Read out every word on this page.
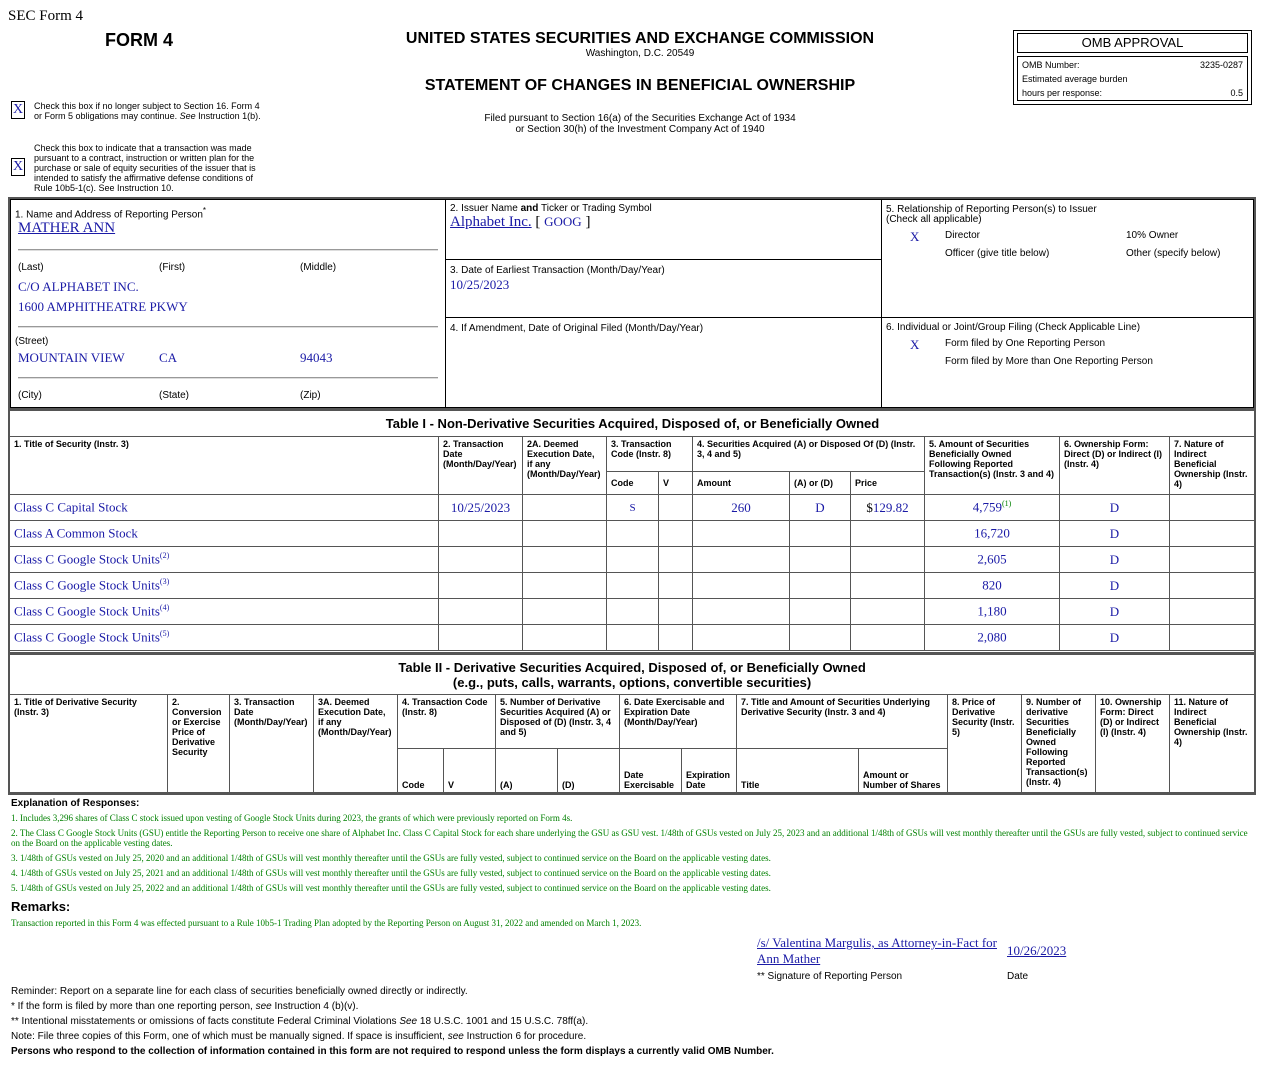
SEC Form 4
FORM 4	UNITED STATES SECURITIES AND EXCHANGE COMMISSION
Washington, D.C. 20549
STATEMENT OF CHANGES IN BENEFICIAL OWNERSHIP
Filed pursuant to Section 16(a) of the Securities Exchange Act of 1934
or Section 30(h) of the Investment Company Act of 1940
X Check this box if no longer subject to Section 16. Form 4 or Form 5 obligations may continue. See Instruction 1(b).
X
Check this box to indicate that a transaction was made pursuant to a contract, instruction or written plan for the purchase or sale of equity securities of the issuer that is intended to satisfy the affirmative defense conditions of Rule 10b5-1(c). See Instruction 10.
OMB APPROVAL
OMB Number:	3235-0287
Estimated average burden
hours per response:	0.5
1. Name and Address of Reporting Person*
MATHER ANN
(Last)	(First)	(Middle)
C/O ALPHABET INC.
1600 AMPHITHEATRE PKWY
(Street)
MOUNTAIN VIEW	CA	94043
(City)	(State)	(Zip)
2. Issuer Name and Ticker or Trading Symbol
Alphabet Inc. [ GOOG ]
3. Date of Earliest Transaction (Month/Day/Year)
10/25/2023
4. If Amendment, Date of Original Filed (Month/Day/Year)
5. Relationship of Reporting Person(s) to Issuer
(Check all applicable)
X	Director	10% Owner
Officer (give title below)	Other (specify below)
6. Individual or Joint/Group Filing (Check Applicable Line)
X	Form filed by One Reporting Person
Form filed by More than One Reporting Person
Table I - Non-Derivative Securities Acquired, Disposed of, or Beneficially Owned										
1. Title of Security (Instr. 3)	2. Transaction Date (Month/Day/Year)	2A. Deemed Execution Date, if any (Month/Day/Year)	3. Transaction Code (Instr. 8)		4. Securities Acquired (A) or Disposed Of (D) (Instr. 3, 4 and 5)			5. Amount of Securities Beneficially Owned Following Reported Transaction(s) (Instr. 3 and 4)	6. Ownership Form: Direct (D) or Indirect (I) (Instr. 4)	7. Nature of Indirect Beneficial Ownership (Instr. 4)
			Code	V	Amount	(A) or (D)	Price			
Class C Capital Stock	10/25/2023		S		260	D	$129.82	4,759$^{(1)}$	D	
Class A Common Stock								16,720	D	
Class C Google Stock Units$^{(2)}$								2,605	D	
Class C Google Stock Units$^{(3)}$								820	D	
Class C Google Stock Units$^{(4)}$								1,180	D	
Class C Google Stock Units$^{(5)}$								2,080	D	
Table II - Derivative Securities Acquired, Disposed of, or Beneficially Owned
(e.g., puts, calls, warrants, options, convertible securities)															

1. Title of Derivative Security (Instr. 3)	2. Conversion or Exercise Price of Derivative Security	3. Transaction Date (Month/Day/Year)	3A. Deemed Execution Date, if any (Month/Day/Year)	4. Transaction Code (Instr. 8)		5. Number of Derivative Securities Acquired (A) or Disposed of (D) (Instr. 3, 4 and 5)		6. Date Exercisable and Expiration Date (Month/Day/Year)		7. Title and Amount of Securities Underlying Derivative Security (Instr. 3 and 4)		8. Price of Derivative Security (Instr. 5)	9. Number of derivative Securities Beneficially Owned Following Reported Transaction(s) (Instr. 4)	10. Ownership Form: Direct (D) or Indirect (I) (Instr. 4)	11. Nature of Indirect Beneficial Ownership (Instr. 4)
				Code	V	(A)	(D)	Date Exercisable	Expiration Date	Title	Amount or Number of Shares				
Explanation of Responses:
1. Includes 3,296 shares of Class C stock issued upon vesting of Google Stock Units during 2023, the grants of which were previously reported on Form 4s.
2. The Class C Google Stock Units (GSU) entitle the Reporting Person to receive one share of Alphabet Inc. Class C Capital Stock for each share underlying the GSU as GSU vest. 1/48th of GSUs vested on July 25, 2023 and an additional 1/48th of GSUs will vest monthly thereafter until the GSUs are fully vested, subject to continued service on the Board on the applicable vesting dates.
3. 1/48th of GSUs vested on July 25, 2020 and an additional 1/48th of GSUs will vest monthly thereafter until the GSUs are fully vested, subject to continued service on the Board on the applicable vesting dates.
4. 1/48th of GSUs vested on July 25, 2021 and an additional 1/48th of GSUs will vest monthly thereafter until the GSUs are fully vested, subject to continued service on the Board on the applicable vesting dates.
5. 1/48th of GSUs vested on July 25, 2022 and an additional 1/48th of GSUs will vest monthly thereafter until the GSUs are fully vested, subject to continued service on the Board on the applicable vesting dates.
Remarks:
Transaction reported in this Form 4 was effected pursuant to a Rule 10b5-1 Trading Plan adopted by the Reporting Person on August 31, 2022 and amended on March 1, 2023.
/s/ Valentina Margulis, as Attorney-in-Fact for Ann Mather
** Signature of Reporting Person
10/26/2023
Date
Reminder: Report on a separate line for each class of securities beneficially owned directly or indirectly.
* If the form is filed by more than one reporting person, see Instruction 4 (b)(v).
** Intentional misstatements or omissions of facts constitute Federal Criminal Violations See 18 U.S.C. 1001 and 15 U.S.C. 78ff(a).
Note: File three copies of this Form, one of which must be manually signed. If space is insufficient, see Instruction 6 for procedure.
Persons who respond to the collection of information contained in this form are not required to respond unless the form displays a currently valid OMB Number.
